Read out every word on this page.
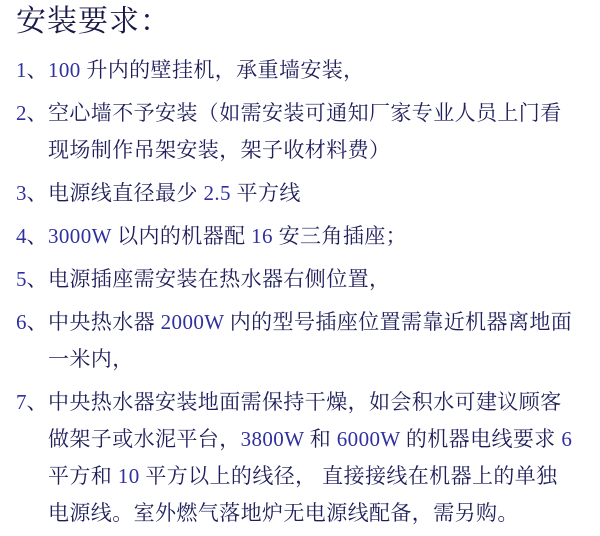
安装要求：
1、 100 升内的壁挂机，承重墙安装，
2、 空心墙不予安装（如需安装可通知厂家专业人员上门看
现场制作吊架安装，架子收材料费）
3、 电源线直径最少 2.5 平方线
4、 3000W 以内的机器配 16 安三角插座；
5、 电源插座需安装在热水器右侧位置，
6、 中央热水器 2000W 内的型号插座位置需靠近机器离地面
一米内，
7、 中央热水器安装地面需保持干燥，如会积水可建议顾客
做架子或水泥平台，3800W 和 6000W 的机器电线要求 6
平方和 10 平方以上的线径， 直接接线在机器上的单独
电源线。室外燃气落地炉无电源线配备，需另购。
